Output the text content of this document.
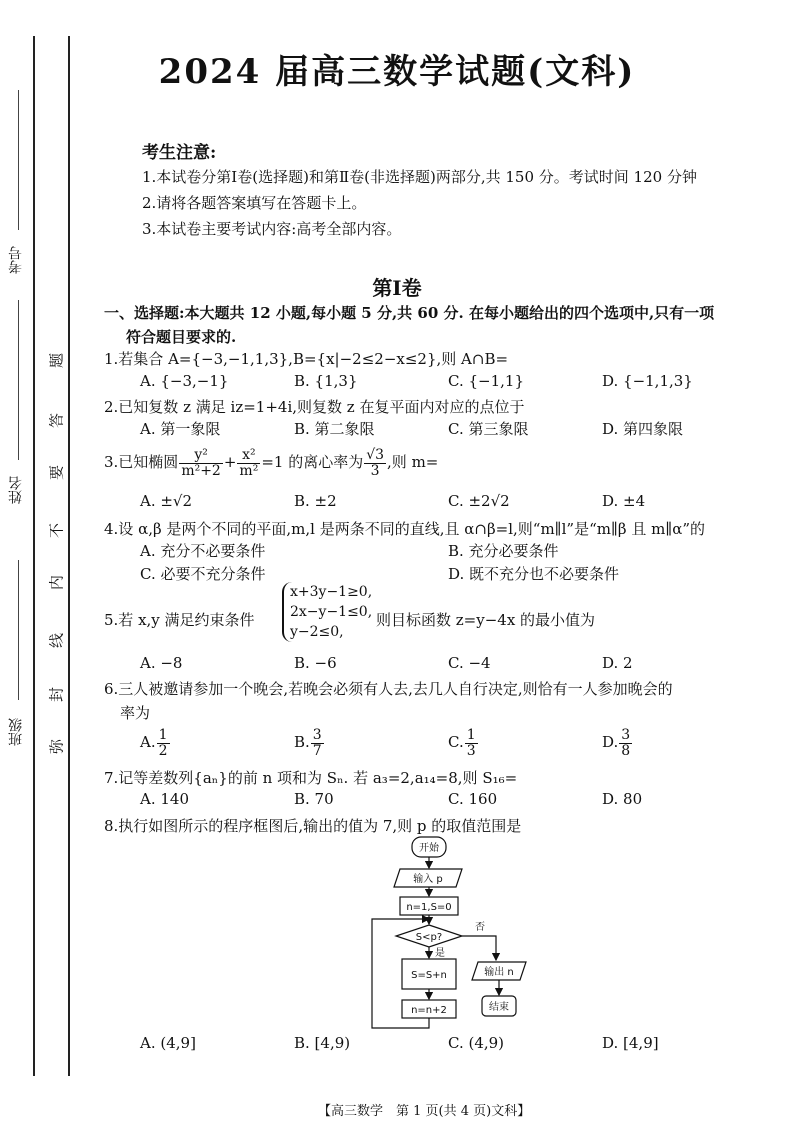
考号
姓名
班级
题
答
要
不
内
线
封
弥
2024 届高三数学试题(文科)
考生注意:
1.本试卷分第Ⅰ卷(选择题)和第Ⅱ卷(非选择题)两部分,共 150 分。考试时间 120 分钟
2.请将各题答案填写在答题卡上。
3.本试卷主要考试内容:高考全部内容。
第Ⅰ卷
一、选择题:本大题共 12 小题,每小题 5 分,共 60 分. 在每小题给出的四个选项中,只有一项
符合题目要求的.
1.若集合 A={−3,−1,1,3},B={x|−2≤2−x≤2},则 A∩B=
A. {−3,−1}	B. {1,3}	C. {−1,1}	D. {−1,1,3}
2.已知复数 z 满足 iz=1+4i,则复数 z 在复平面内对应的点位于
A. 第一象限	B. 第二象限	C. 第三象限	D. 第四象限
3.已知椭圆 $\frac{\text{y²}}{\text{m²+2}} + \frac{\text{x²}}{\text{m²}} =1$ 的离心率为 $\frac{√3}{3}$ ,则 m=
A. ±√2	B. ±2	C. ±2√2	D. ±4
4.设 α,β 是两个不同的平面,m,l 是两条不同的直线,且 α∩β=l,则“m∥l”是“m∥β 且 m∥α”的
A. 充分不必要条件	B. 充分必要条件
C. 必要不充分条件	D. 既不充分也不必要条件
5.若 x,y 满足约束条件
x+3y−1≥0,
2x−y−1≤0,
y−2≤0,
则目标函数 z=y−4x 的最小值为
A. −8	B. −6	C. −4	D. 2
6.三人被邀请参加一个晚会,若晚会必须有人去,去几人自行决定,则恰有一人参加晚会的
率为
A. $\frac{1}{2}$	B. $\frac{3}{7}$	C. $\frac{1}{3}$	D. $\frac{3}{8}$
7.记等差数列{aₙ}的前 n 项和为 Sₙ. 若 a₃=2,a₁₄=8,则 S₁₆=
A. 140	B. 70	C. 160	D. 80
8.执行如图所示的程序框图后,输出的值为 7,则 p 的取值范围是
开始
输入 p
n=1,S=0
S<p?
是
否
S=S+n
n=n+2
输出 n
结束
A. (4,9]	B. [4,9)	C. (4,9)	D. [4,9]
【高三数学　第 1 页(共 4 页)文科】
